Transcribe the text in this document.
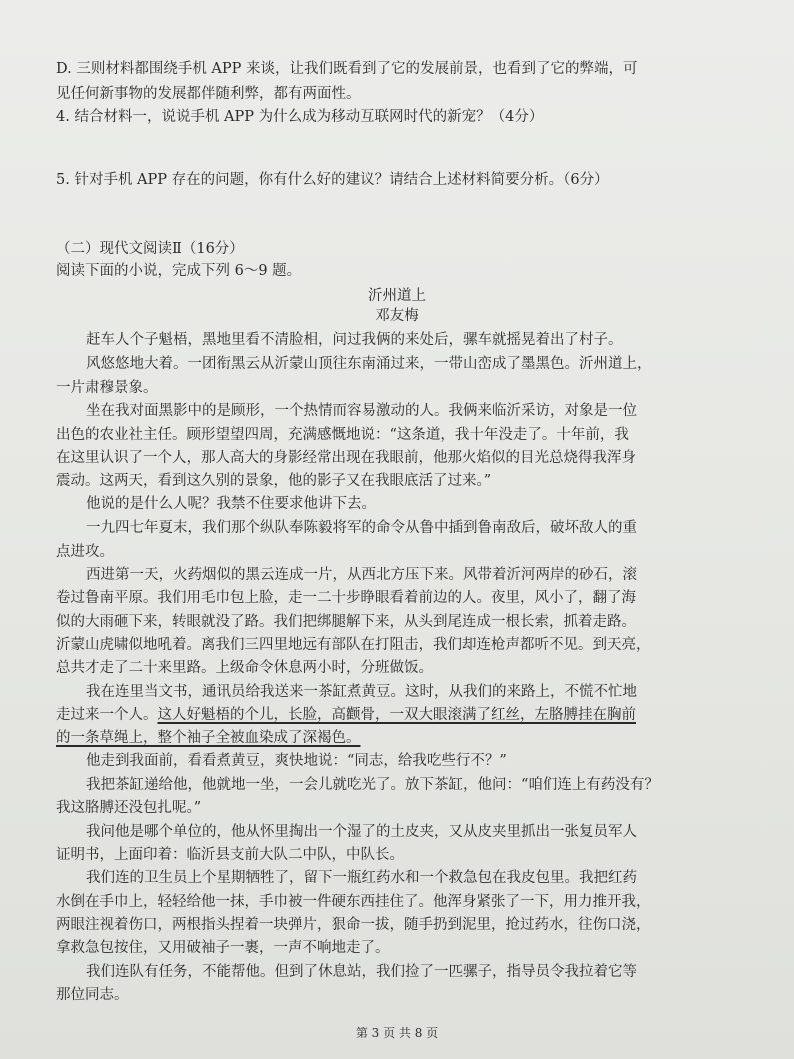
D. 三则材料都围绕手机 APP 来谈，让我们既看到了它的发展前景，也看到了它的弊端，可
见任何新事物的发展都伴随利弊，都有两面性。
4. 结合材料一，说说手机 APP 为什么成为移动互联网时代的新宠？（4分）
5. 针对手机 APP 存在的问题，你有什么好的建议？请结合上述材料简要分析。（6分）
（二）现代文阅读Ⅱ（16分）
阅读下面的小说，完成下列 6～9 题。
沂州道上
邓友梅
赶车人个子魁梧，黑地里看不清脸相，问过我俩的来处后，骡车就摇晃着出了村子。
风悠悠地大着。一团衔黑云从沂蒙山顶往东南涌过来，一带山峦成了墨黑色。沂州道上，
一片肃穆景象。
坐在我对面黑影中的是顾形，一个热情而容易激动的人。我俩来临沂采访，对象是一位
出色的农业社主任。顾形望望四周，充满感慨地说：“这条道，我十年没走了。十年前，我
在这里认识了一个人，那人高大的身影经常出现在我眼前，他那火焰似的目光总烧得我浑身
震动。这两天，看到这久别的景象，他的影子又在我眼底活了过来。”
他说的是什么人呢？我禁不住要求他讲下去。
一九四七年夏末，我们那个纵队奉陈毅将军的命令从鲁中插到鲁南敌后，破坏敌人的重
点进攻。
西进第一天，火药烟似的黑云连成一片，从西北方压下来。风带着沂河两岸的砂石，滚
卷过鲁南平原。我们用毛巾包上脸，走一二十步睁眼看着前边的人。夜里，风小了，翻了海
似的大雨砸下来，转眼就没了路。我们把绑腿解下来，从头到尾连成一根长索，抓着走路。
沂蒙山虎啸似地吼着。离我们三四里地远有部队在打阻击，我们却连枪声都听不见。到天亮，
总共才走了二十来里路。上级命令休息两小时，分班做饭。
我在连里当文书，通讯员给我送来一茶缸煮黄豆。这时，从我们的来路上，不慌不忙地
走过来一个人。这人好魁梧的个儿，长脸，高颧骨，一双大眼滚满了红丝，左胳膊挂在胸前
的一条草绳上，整个袖子全被血染成了深褐色。
他走到我面前，看看煮黄豆，爽快地说：“同志，给我吃些行不？”
我把茶缸递给他，他就地一坐，一会儿就吃光了。放下茶缸，他问：“咱们连上有药没有？
我这胳膊还没包扎呢。”
我问他是哪个单位的，他从怀里掏出一个湿了的土皮夹，又从皮夹里抓出一张复员军人
证明书，上面印着：临沂县支前大队二中队，中队长。
我们连的卫生员上个星期牺牲了，留下一瓶红药水和一个救急包在我皮包里。我把红药
水倒在手巾上，轻轻给他一抹，手巾被一件硬东西挂住了。他浑身紧张了一下，用力推开我，
两眼注视着伤口，两根指头捏着一块弹片，狠命一拔，随手扔到泥里，抢过药水，往伤口浇，
拿救急包按住，又用破袖子一裹，一声不响地走了。
我们连队有任务，不能帮他。但到了休息站，我们捡了一匹骡子，指导员令我拉着它等
那位同志。
第 3 页 共 8 页
